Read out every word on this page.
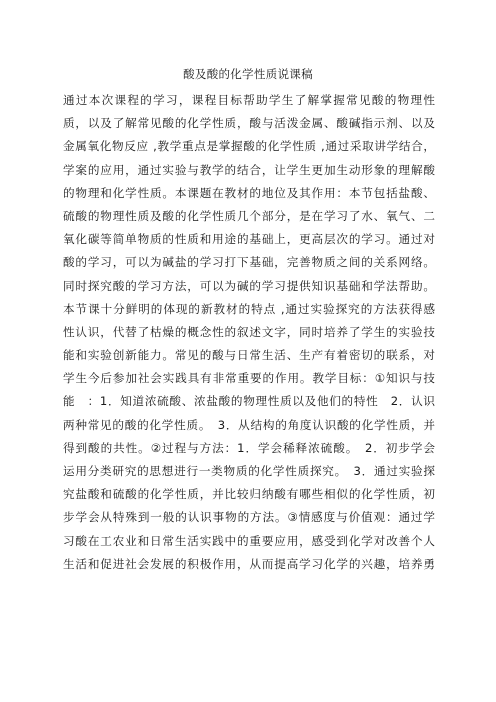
酸及酸的化学性质说课稿
通过本次课程的学习，课程目标帮助学生了解掌握常见酸的物理性
质，以及了解常见酸的化学性质，酸与活泼金属、酸碱指示剂、以及
金属氧化物反应 ,教学重点是掌握酸的化学性质 ,通过采取讲学结合，
学案的应用，通过实验与教学的结合，让学生更加生动形象的理解酸
的物理和化学性质。本课题在教材的地位及其作用：本节包括盐酸、
硫酸的物理性质及酸的化学性质几个部分，是在学习了水、氧气、二
氧化碳等简单物质的性质和用途的基础上，更高层次的学习。通过对
酸的学习，可以为碱盐的学习打下基础，完善物质之间的关系网络。
同时探究酸的学习方法，可以为碱的学习提供知识基础和学法帮助。
本节课十分鲜明的体现的新教材的特点 ,通过实验探究的方法获得感
性认识，代替了枯燥的概念性的叙述文字，同时培养了学生的实验技
能和实验创新能力。常见的酸与日常生活、生产有着密切的联系，对
学生今后参加社会实践具有非常重要的作用。教学目标：①知识与技
能　：1．知道浓硫酸、浓盐酸的物理性质以及他们的特性　2．认识
两种常见的酸的化学性质。　3．从结构的角度认识酸的化学性质，并
得到酸的共性。②过程与方法：1．学会稀释浓硫酸。　2．初步学会
运用分类研究的思想进行一类物质的化学性质探究。　3．通过实验探
究盐酸和硫酸的化学性质，并比较归纳酸有哪些相似的化学性质，初
步学会从特殊到一般的认识事物的方法。③情感度与价值观：通过学
习酸在工农业和日常生活实践中的重要应用，感受到化学对改善个人
生活和促进社会发展的积极作用，从而提高学习化学的兴趣，培养勇
